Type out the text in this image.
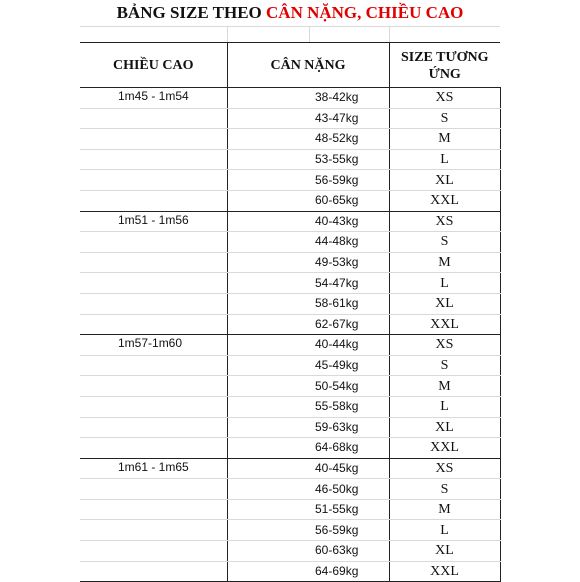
BẢNG SIZE THEO CÂN NẶNG, CHIỀU CAO
CHIỀU CAO	CÂN NẶNG		SIZE TƯƠNG
ỨNG
1m45 - 1m54		38-42kg	XS
		43-47kg	S
		48-52kg	M
		53-55kg	L
		56-59kg	XL
		60-65kg	XXL
1m51 - 1m56		40-43kg	XS
		44-48kg	S
		49-53kg	M
		54-47kg	L
		58-61kg	XL
		62-67kg	XXL
1m57-1m60		40-44kg	XS
		45-49kg	S
		50-54kg	M
		55-58kg	L
		59-63kg	XL
		64-68kg	XXL
1m61 - 1m65		40-45kg	XS
		46-50kg	S
		51-55kg	M
		56-59kg	L
		60-63kg	XL
		64-69kg	XXL
